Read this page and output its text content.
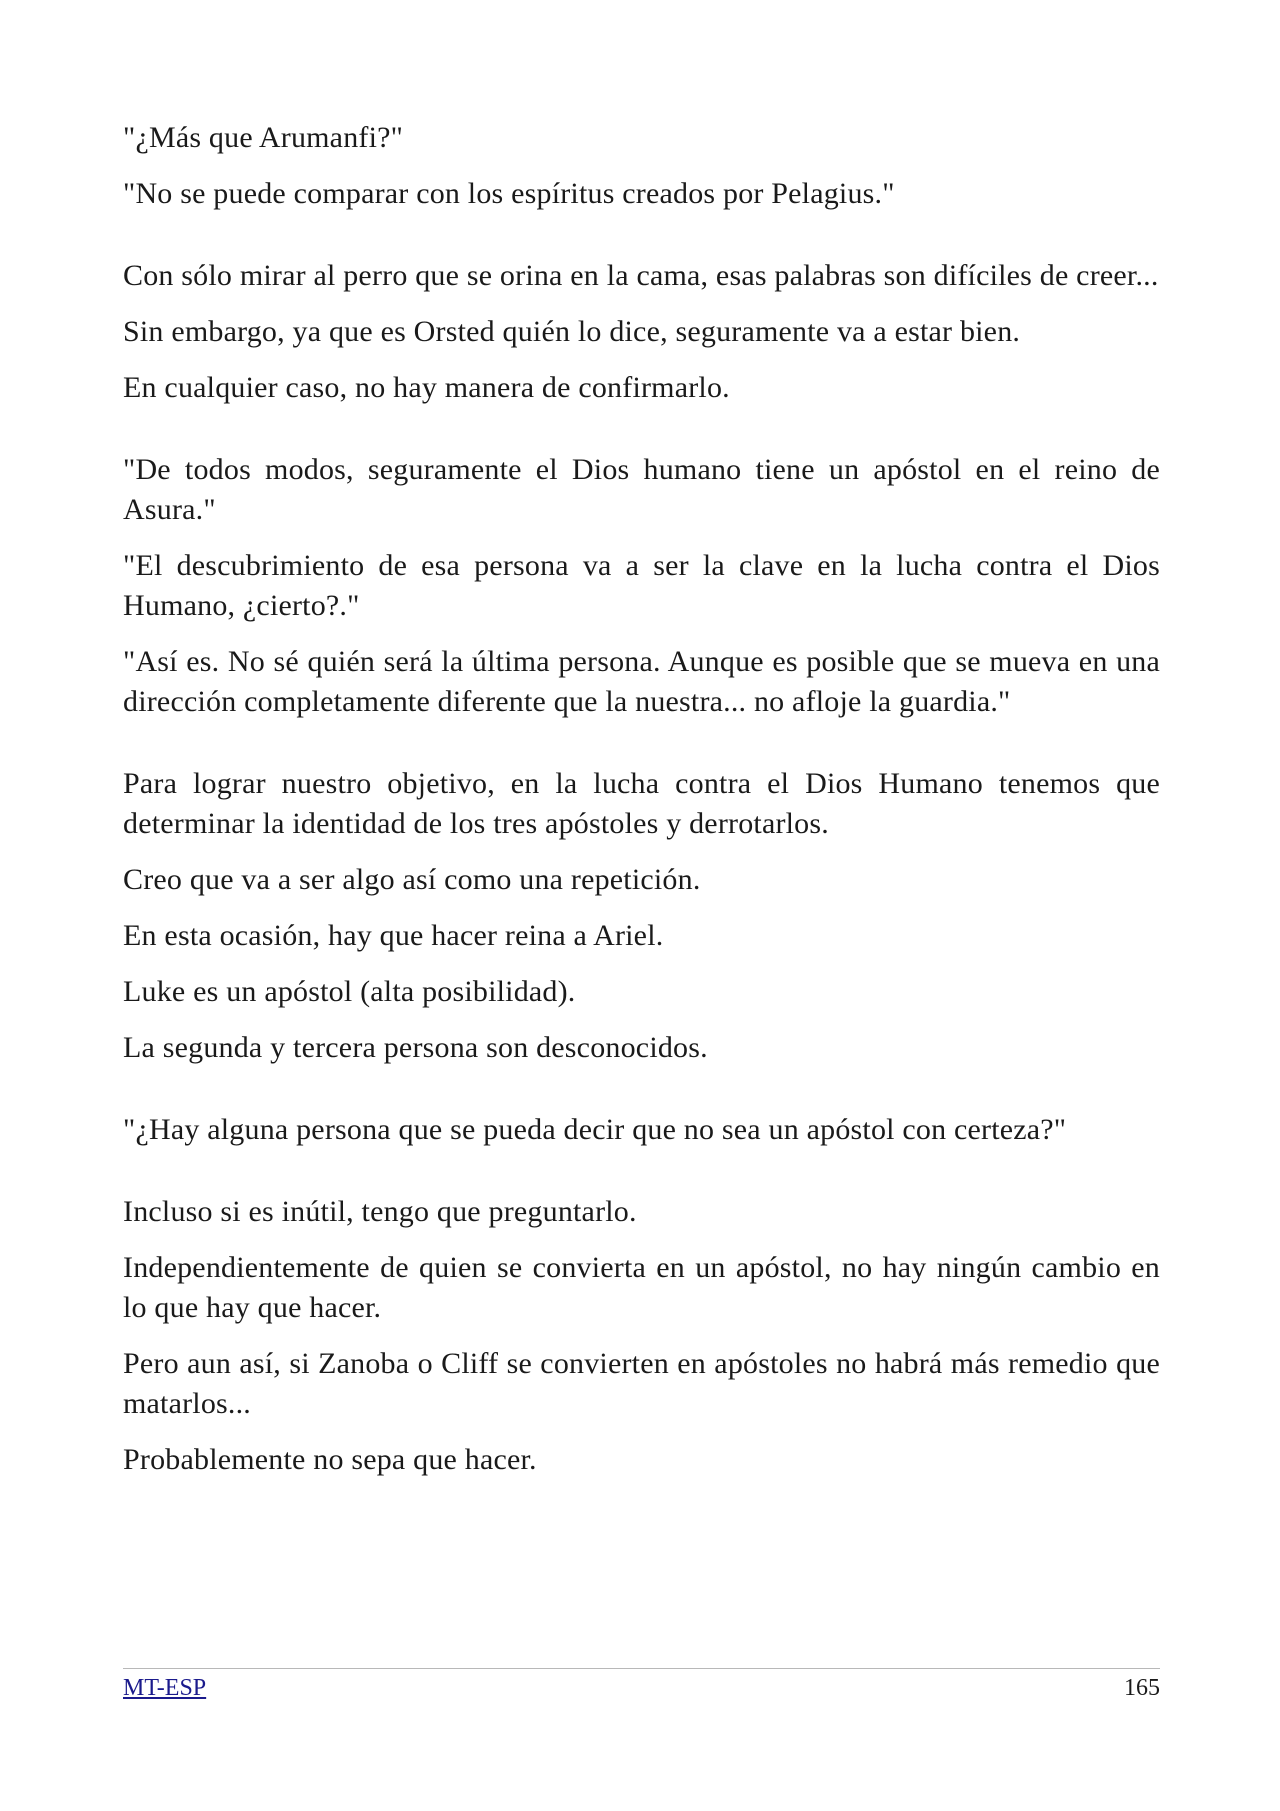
"¿Más que Arumanfi?"

"No se puede comparar con los espíritus creados por Pelagius."

Con sólo mirar al perro que se orina en la cama, esas palabras son difíciles de creer...

Sin embargo, ya que es Orsted quién lo dice, seguramente va a estar bien.

En cualquier caso, no hay manera de confirmarlo.

"De todos modos, seguramente el Dios humano tiene un apóstol en el reino de Asura."

"El descubrimiento de esa persona va a ser la clave en la lucha contra el Dios Humano, ¿cierto?."

"Así es. No sé quién será la última persona. Aunque es posible que se mueva en una dirección completamente diferente que la nuestra... no afloje la guardia."

Para lograr nuestro objetivo, en la lucha contra el Dios Humano tenemos que determinar la identidad de los tres apóstoles y derrotarlos.

Creo que va a ser algo así como una repetición.

En esta ocasión, hay que hacer reina a Ariel.

Luke es un apóstol (alta posibilidad).

La segunda y tercera persona son desconocidos.

"¿Hay alguna persona que se pueda decir que no sea un apóstol con certeza?"

Incluso si es inútil, tengo que preguntarlo.

Independientemente de quien se convierta en un apóstol, no hay ningún cambio en lo que hay que hacer.

Pero aun así, si Zanoba o Cliff se convierten en apóstoles no habrá más remedio que matarlos...

Probablemente no sepa que hacer.

MT-ESP	165
